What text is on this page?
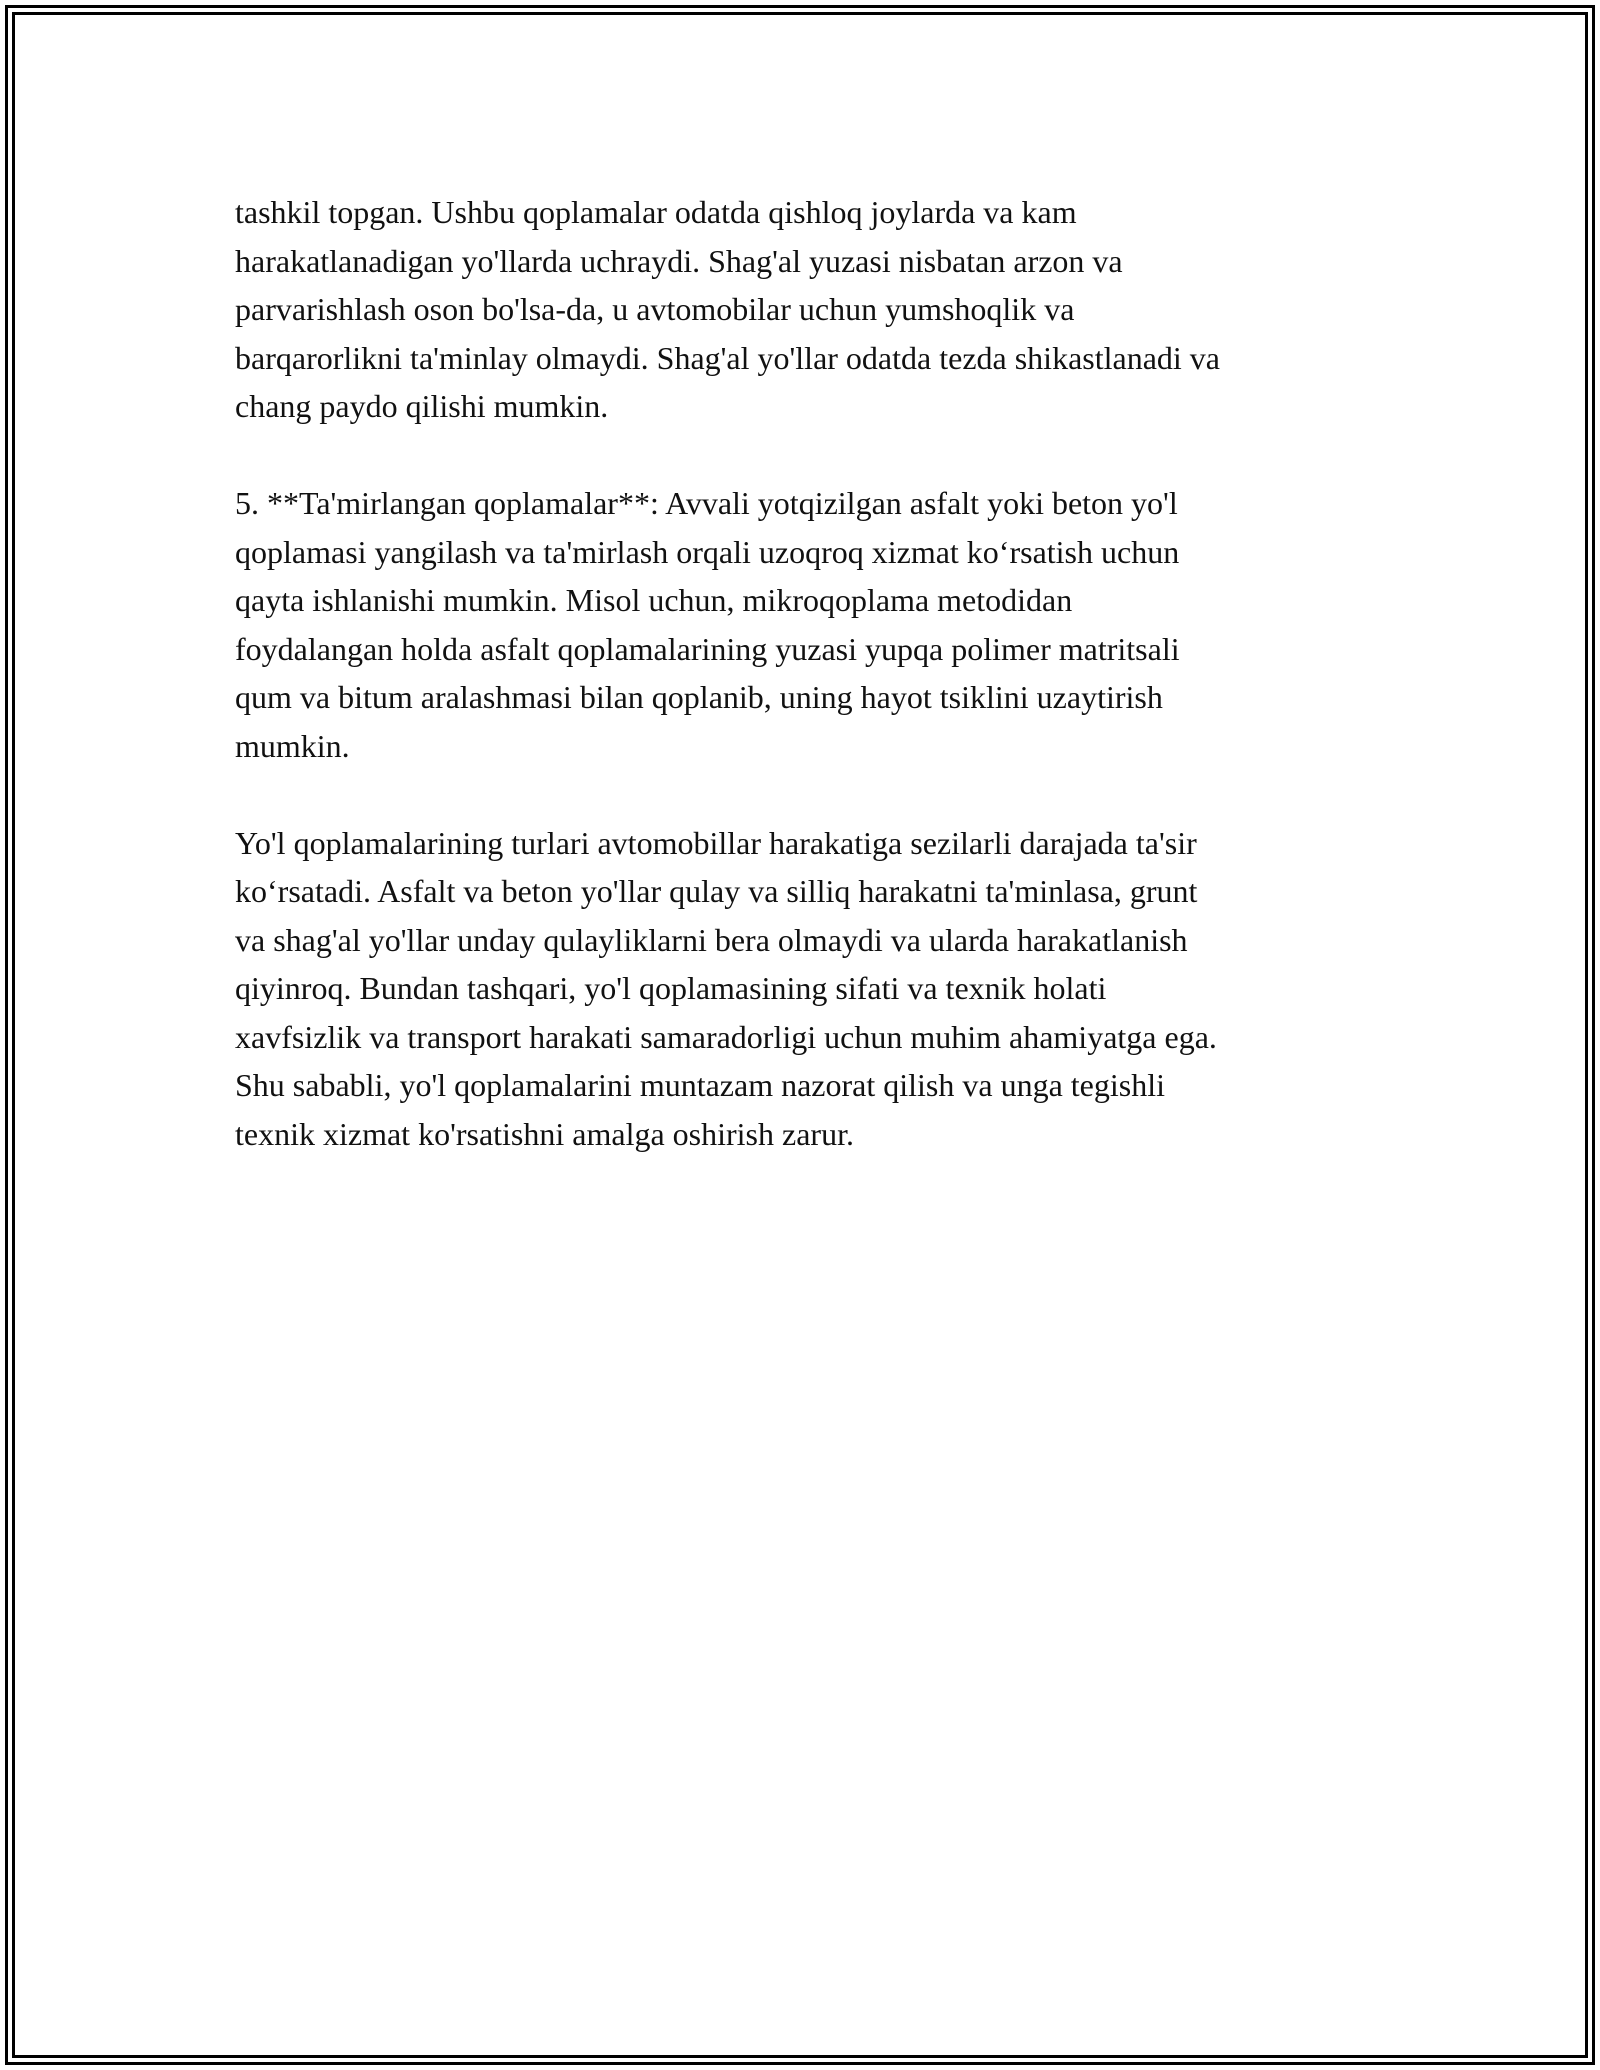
tashkil topgan. Ushbu qoplamalar odatda qishloq joylarda va kam
harakatlanadigan yo'llarda uchraydi. Shag'al yuzasi nisbatan arzon va
parvarishlash oson bo'lsa-da, u avtomobilar uchun yumshoqlik va
barqarorlikni ta'minlay olmaydi. Shag'al yo'llar odatda tezda shikastlanadi va
chang paydo qilishi mumkin.

5. **Ta'mirlangan qoplamalar**: Avvali yotqizilgan asfalt yoki beton yo'l
qoplamasi yangilash va ta'mirlash orqali uzoqroq xizmat ko‘rsatish uchun
qayta ishlanishi mumkin. Misol uchun, mikroqoplama metodidan
foydalangan holda asfalt qoplamalarining yuzasi yupqa polimer matritsali
qum va bitum aralashmasi bilan qoplanib, uning hayot tsiklini uzaytirish
mumkin.

Yo'l qoplamalarining turlari avtomobillar harakatiga sezilarli darajada ta'sir
ko‘rsatadi. Asfalt va beton yo'llar qulay va silliq harakatni ta'minlasa, grunt
va shag'al yo'llar unday qulayliklarni bera olmaydi va ularda harakatlanish
qiyinroq. Bundan tashqari, yo'l qoplamasining sifati va texnik holati
xavfsizlik va transport harakati samaradorligi uchun muhim ahamiyatga ega.
Shu sababli, yo'l qoplamalarini muntazam nazorat qilish va unga tegishli
texnik xizmat ko'rsatishni amalga oshirish zarur.
